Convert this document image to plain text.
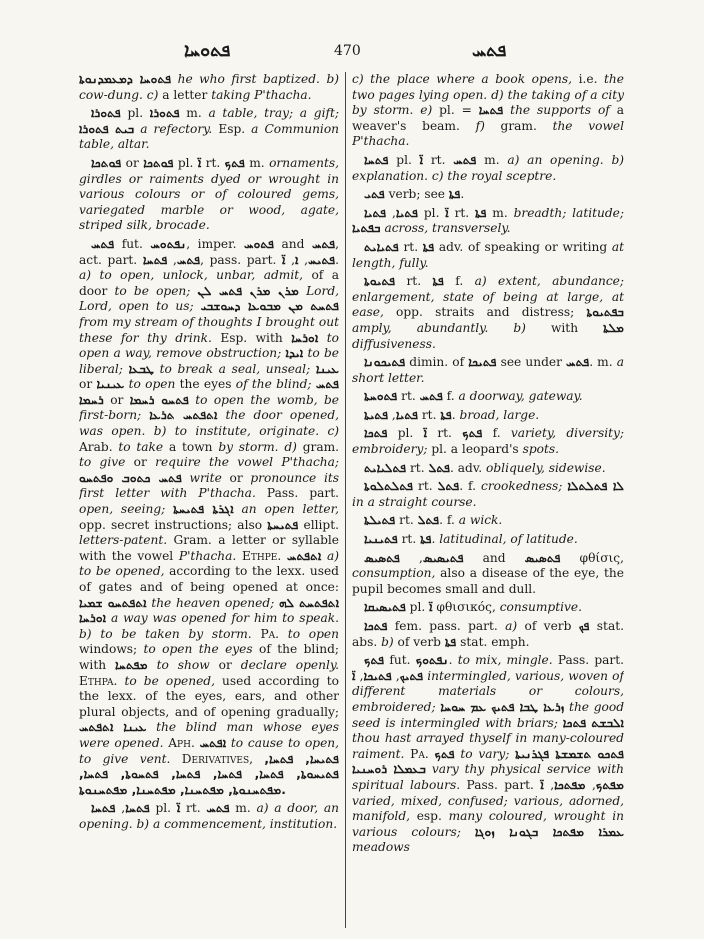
ܦܬܘܚܐ	470	ܦܬܚ

ܦܬܘܚܐ ܕܡܥܡܕܢܘܬܐ he who first baptized. b) cow-dung. c) a letter taking P'thacha.

ܦܬܘܪܐ pl. ܦܬܘܪܐ m. a table, tray; a gift; ܒܝܬ ܦܬܘܪܐ a refectory. Esp. a Communion table, altar.

ܦܘܬܟܐ or ܦܘܬܟܐ pl. ܐ̈ rt. ܦܬܟ m. ornaments, girdles or raiments dyed or wrought in various colours or of coloured gems, variegated marble or wood, agate, striped silk, brocade.

ܦܬܚ fut. ܢܦܬܘܚ, imper. ܦܬܘܚ and ܦܬܚ, act. part.	ܦܬܚ, ܦܬܚܐ	, pass. part. ܦܬܝܚ, ܐ, ܐ̈	. a) to open, unlock, unbar, admit, of a door to be open; ܡܪܢ ܡܪܢ ܦܬܚ ܠܢ Lord, Lord, open to us; ܦܬܚܬ ܡܢ ܡܒܘܥܐ ܕܚܘܫܒܝ from my stream of thoughts I brought out these for thy drink. Esp. with ܐܘܪܚܐ to open a way, remove obstruction; ܐܝܕܐ to be liberal; ܛܒܥܐ to break a seal, unseal; ܥܝܢܐ or ܥܝܢܝܐ to open the eyes of the blind; ܦܬܚ ܪܚܡܐ or ܦܬܚܘ ܪܚܡܐ to open the womb, be first-born; ܐܬܦܬܚ ܬܪܥܐ the door opened, was open. b) to institute, originate. c) Arab. to take a town by storm. d) gram. to give or require the vowel P'thacha; ܦܬܚ ܟܬܘܒ ܘܦܬܚܘ write or pronounce its first letter with P'thacha. Pass. part. open, seeing; ܐܓܪܬܐ ܦܬܝܚܬܐ an open letter, opp. secret instructions; also ܦܬܝܚܬܐ ellipt. letters-patent. Gram. a letter or syllable with the vowel P'thacha. Ethpe. ܐܬܦܬܚ a) to be opened, according to the lexx. used of gates and of being opened at once: ܐܬܦܬܚܘ ܫܡܝܐ the heaven opened; ܐܬܦܬܚܬ ܠܗ ܐܘܪܚܐ a way was opened for him to speak. b) to be taken by storm. Pa. to open windows; to open the eyes of the blind; with ܡܦܬܚܐ to show or declare openly. Ethpa. to be opened, used according to the lexx. of the eyes, ears, and other plural objects, and of opening gradually; ܥܝܢܐ ܐܬܦܬܚ the blind man whose eyes were opened. Aph. ܐܦܬܚ to cause to open, to give vent. Derivatives, ܦܬܝܚܐ, ܦܬܚܐ, ܦܬܝܚܘܬܐ, ܦܬܚܐ, ܦܬܚܐ, ܦܬܚܐ, ܦܬܚܘܬܐ, ܦܬܚܐ, ܡܦܬܚܢܘܬܐ, ܡܦܬܚܢܐ, ܡܦܬܚܢܐ, ܡܦܬܚܢܘܬܐ.

ܦܬܚܐ, ܦܬܚܐ	pl. ܐ̈ rt. ܦܬܚ m. a) a door, an opening. b) a commencement, institution.

c) the place where a book opens, i.e. the two pages lying open. d) the taking of a city by storm. e) pl. = ܦܬܚܐ the supports of a weaver's beam. f) gram. the vowel P'thacha.

ܦܬܚܐ pl. ܐ̈ rt. ܦܬܚ m. a) an opening. b) explanation. c) the royal sceptre.

ܦܬܝ verb; see ܦܬܐ.

ܦܬܝܐ, ܦܬܝܐ	pl. ܐ̈ rt. ܦܬܐ m. breadth; latitude; ܒܦܬܝܐ across, transversely.

ܦܬܝܐܝܬ rt. ܦܬܐ adv. of speaking or writing at length, fully.

ܦܬܝܘܬܐ rt. ܦܬܐ f. a) extent, abundance; enlargement, state of being at large, at ease, opp. straits and distress; ܒܦܬܝܘܬܐ amply, abundantly. b) with ܡܠܬܐ diffusiveness.

ܦܬܝܟܘܢܐ dimin. of ܦܬܝܟܐ see under ܦܬܚ. m. a short letter.

ܦܬܘܚܬܐ rt. ܦܬܚ f. a doorway, gateway.

ܦܬܝܐ, ܦܬܝܬܐ rt. ܦܬܐ. broad, large.

ܦܬܟܐ pl. ܐ̈ rt. ܦܬܟ f. variety, diversity; embroidery; pl. a leopard's spots.

ܦܬܠܝܐܝܬ rt. ܦܬܠ. adv. obliquely, sidewise.

ܦܬܠܬܠܘܬܐ rt. ܦܬܠ. f. crookedness; ܠܐ ܦܬܠܬܠܐ in a straight course.

ܦܬܝܠܬܐ rt. ܦܬܠ. f. a wick.

ܦܬܝܢܝܐ rt. ܦܬܐ. latitudinal, of latitude.

ܦܬܝܣܝܣ, ܦܬܣܝܣ	and ܦܬܣܝܣ φθίσις, consumption, also a disease of the eye, the pupil becomes small and dull.

ܦܬܝܣܝܩܐ pl. ܐ̈ φθισικός, consumptive.

ܦܬܟܐ fem. pass. part. a) of verb ܦܟ stat. abs. b) of verb ܦܬܐ stat. emph.

ܦܬܟ fut. ܢܦܬܘܟ. to mix, mingle. Pass. part. ܦܬܝܟ, ܦܬܝܟܐ, ܐ̈	intermingled, various, woven of different materials or colours, embroidered; ܙܪܥܐ ܛܒܐ ܦܬܝܟ ܥܡ ܚܘܚܐ the good seed is intermingled with briars; ܐܠܒܫܬ ܦܬܟܐ thou hast arrayed thyself in many-coloured raiment. Pa. ܦܬܟ to vary; ܦܬܟܘ ܬܫܡܫܬܐ ܦܓܪܢܝܬܐ ܒܥܡܠܐ ܪܘܚܢܝܐ vary thy physical service with spiritual labours. Pass. part.	ܡܦܬܟ, ܡܦܬܟܐ, ܐ̈ varied, mixed, confused; various, adorned, manifold, esp. many coloured, wrought in various colours; ܥܡܪܐ ܡܦܬܟܐ ܒܓܘܢܐ ܙܘܓܐ meadows
